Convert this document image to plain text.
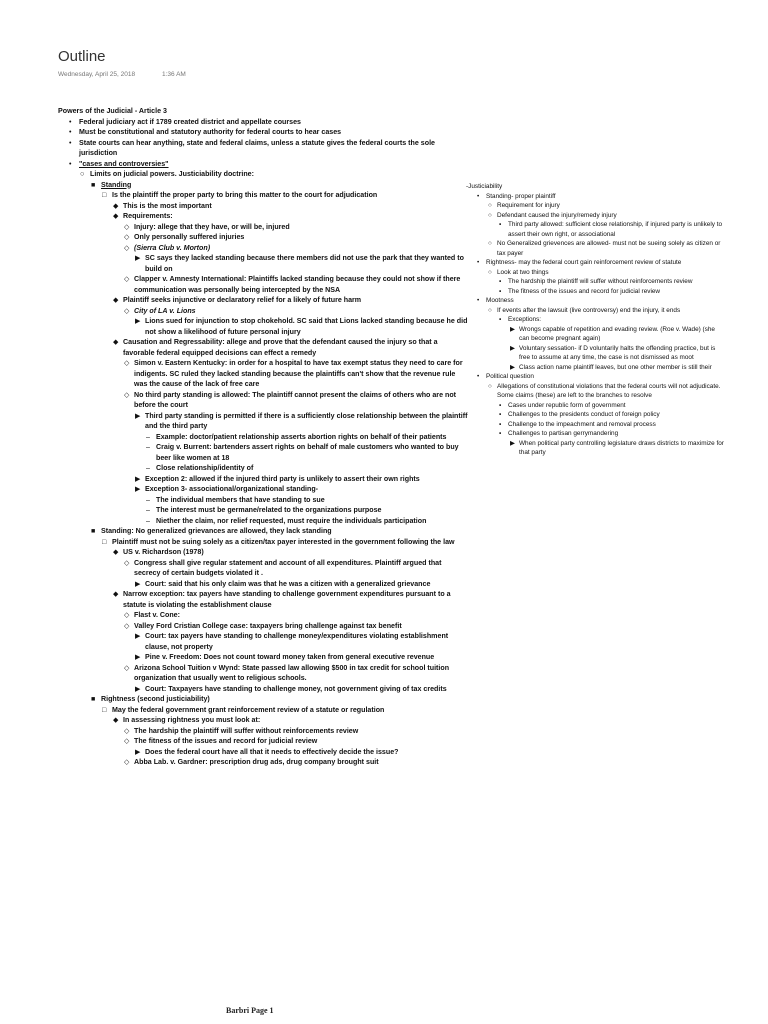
Outline
Wednesday, April 25, 2018	1:36 AM
Powers of the Judicial - Article 3
• Federal judiciary act if 1789 created district and appellate courses
• Must be constitutional and statutory authority for federal courts to hear cases
• State courts can hear anything, state and federal claims, unless a statute gives the federal courts the sole jurisdiction
• "cases and controversies"
○ Limits on judicial powers. Justiciability doctrine:
■ Standing
□ Is the plaintiff the proper party to bring this matter to the court for adjudication
◆ This is the most important
◆ Requirements:
◇ Injury: allege that they have, or will be, injured
◇ Only personally suffered injuries
◇ (Sierra Club v. Morton)
▶ SC says they lacked standing because there members did not use the park that they wanted to build on
◇ Clapper v. Amnesty International: Plaintiffs lacked standing because they could not show if there communication was personally being intercepted by the NSA
◆ Plaintiff seeks injunctive or declaratory relief for a likely of future harm
◇ City of LA v. Lions
▶ Lions sued for injunction to stop chokehold. SC said that Lions lacked standing because he did not show a likelihood of future personal injury
◆ Causation and Regressability: allege and prove that the defendant caused the injury so that a favorable federal equipped decisions can effect a remedy
◇ Simon v. Eastern Kentucky: in order for a hospital to have tax exempt status they need to care for indigents. SC ruled they lacked standing because the plaintiffs can't show that the revenue rule was the cause of the lack of free care
◇ No third party standing is allowed: The plaintiff cannot present the claims of others who are not before the court
▶ Third party standing is permitted if there is a sufficiently close relationship between the plaintiff and the third party
– Example: doctor/patient relationship asserts abortion rights on behalf of their patients
– Craig v. Burrent: bartenders assert rights on behalf of male customers who wanted to buy beer like women at 18
– Close relationship/identity of
▶ Exception 2: allowed if the injured third party is unlikely to assert their own rights
▶ Exception 3- associational/organizational standing-
– The individual members that have standing to sue
– The interest must be germane/related to the organizations purpose
– Niether the claim, nor relief requested, must require the individuals participation
■ Standing: No generalized grievances are allowed, they lack standing
□ Plaintiff must not be suing solely as a citizen/tax payer interested in the government following the law
◆ US v. Richardson (1978)
◇ Congress shall give regular statement and account of all expenditures. Plaintiff argued that secrecy of certain budgets violated it .
▶ Court: said that his only claim was that he was a citizen with a generalized grievance
◆ Narrow exception: tax payers have standing to challenge government expenditures pursuant to a statute is violating the establishment clause
◇ Flast v. Cone:
◇ Valley Ford Cristian College case: taxpayers bring challenge against tax benefit
▶ Court: tax payers have standing to challenge money/expenditures violating establishment clause, not property
▶ Pine v. Freedom: Does not count toward money taken from general executive revenue
◇ Arizona School Tuition v Wynd: State passed law allowing $500 in tax credit for school tuition organization that usually went to religious schools.
▶ Court: Taxpayers have standing to challenge money, not government giving of tax credits
■ Rightness (second justiciability)
□ May the federal government grant reinforcement review of a statute or regulation
◆ In assessing rightness you must look at:
◇ The hardship the plaintiff will suffer without reinforcements review
◇ The fitness of the issues and record for judicial review
▶ Does the federal court have all that it needs to effectively decide the issue?
◇ Abba Lab. v. Gardner: prescription drug ads, drug company brought suit
-Justiciability
• Standing- proper plaintiff
○ Requirement for injury
○ Defendant caused the injury/remedy injury
▪ Third party allowed: sufficient close relationship, if injured party is unlikely to assert their own right, or associational
○ No Generalized grievences are allowed- must not be sueing solely as citizen or tax payer
• Rightness- may the federal court gain reinforcement review of statute
○ Look at two things
▪ The hardship the plaintiff will suffer without reinforcements review
▪ The fitness of the issues and record for judicial review
• Mootness
○ If events after the lawsuit (live controversy) end the injury, it ends
▪ Exceptions:
▶ Wrongs capable of repetition and evading review. (Roe v. Wade) (she can become pregnant again)
▶ Voluntary sessation- if D voluntarily halts the offending practice, but is free to assume at any time, the case is not dismissed as moot
▶ Class action name plaintiff leaves, but one other member is still their
• Political question
○ Allegations of constitutional violations that the federal courts will not adjudicate. Some claims (these) are left to the branches to resolve
▪ Cases under republic form of government
▪ Challenges to the presidents conduct of foreign policy
▪ Challenge to the impeachment and removal process
▪ Challenges to partisan gerrymandering
▶ When political party controlling legislature draws districts to maximize for that party
Barbri Page 1
